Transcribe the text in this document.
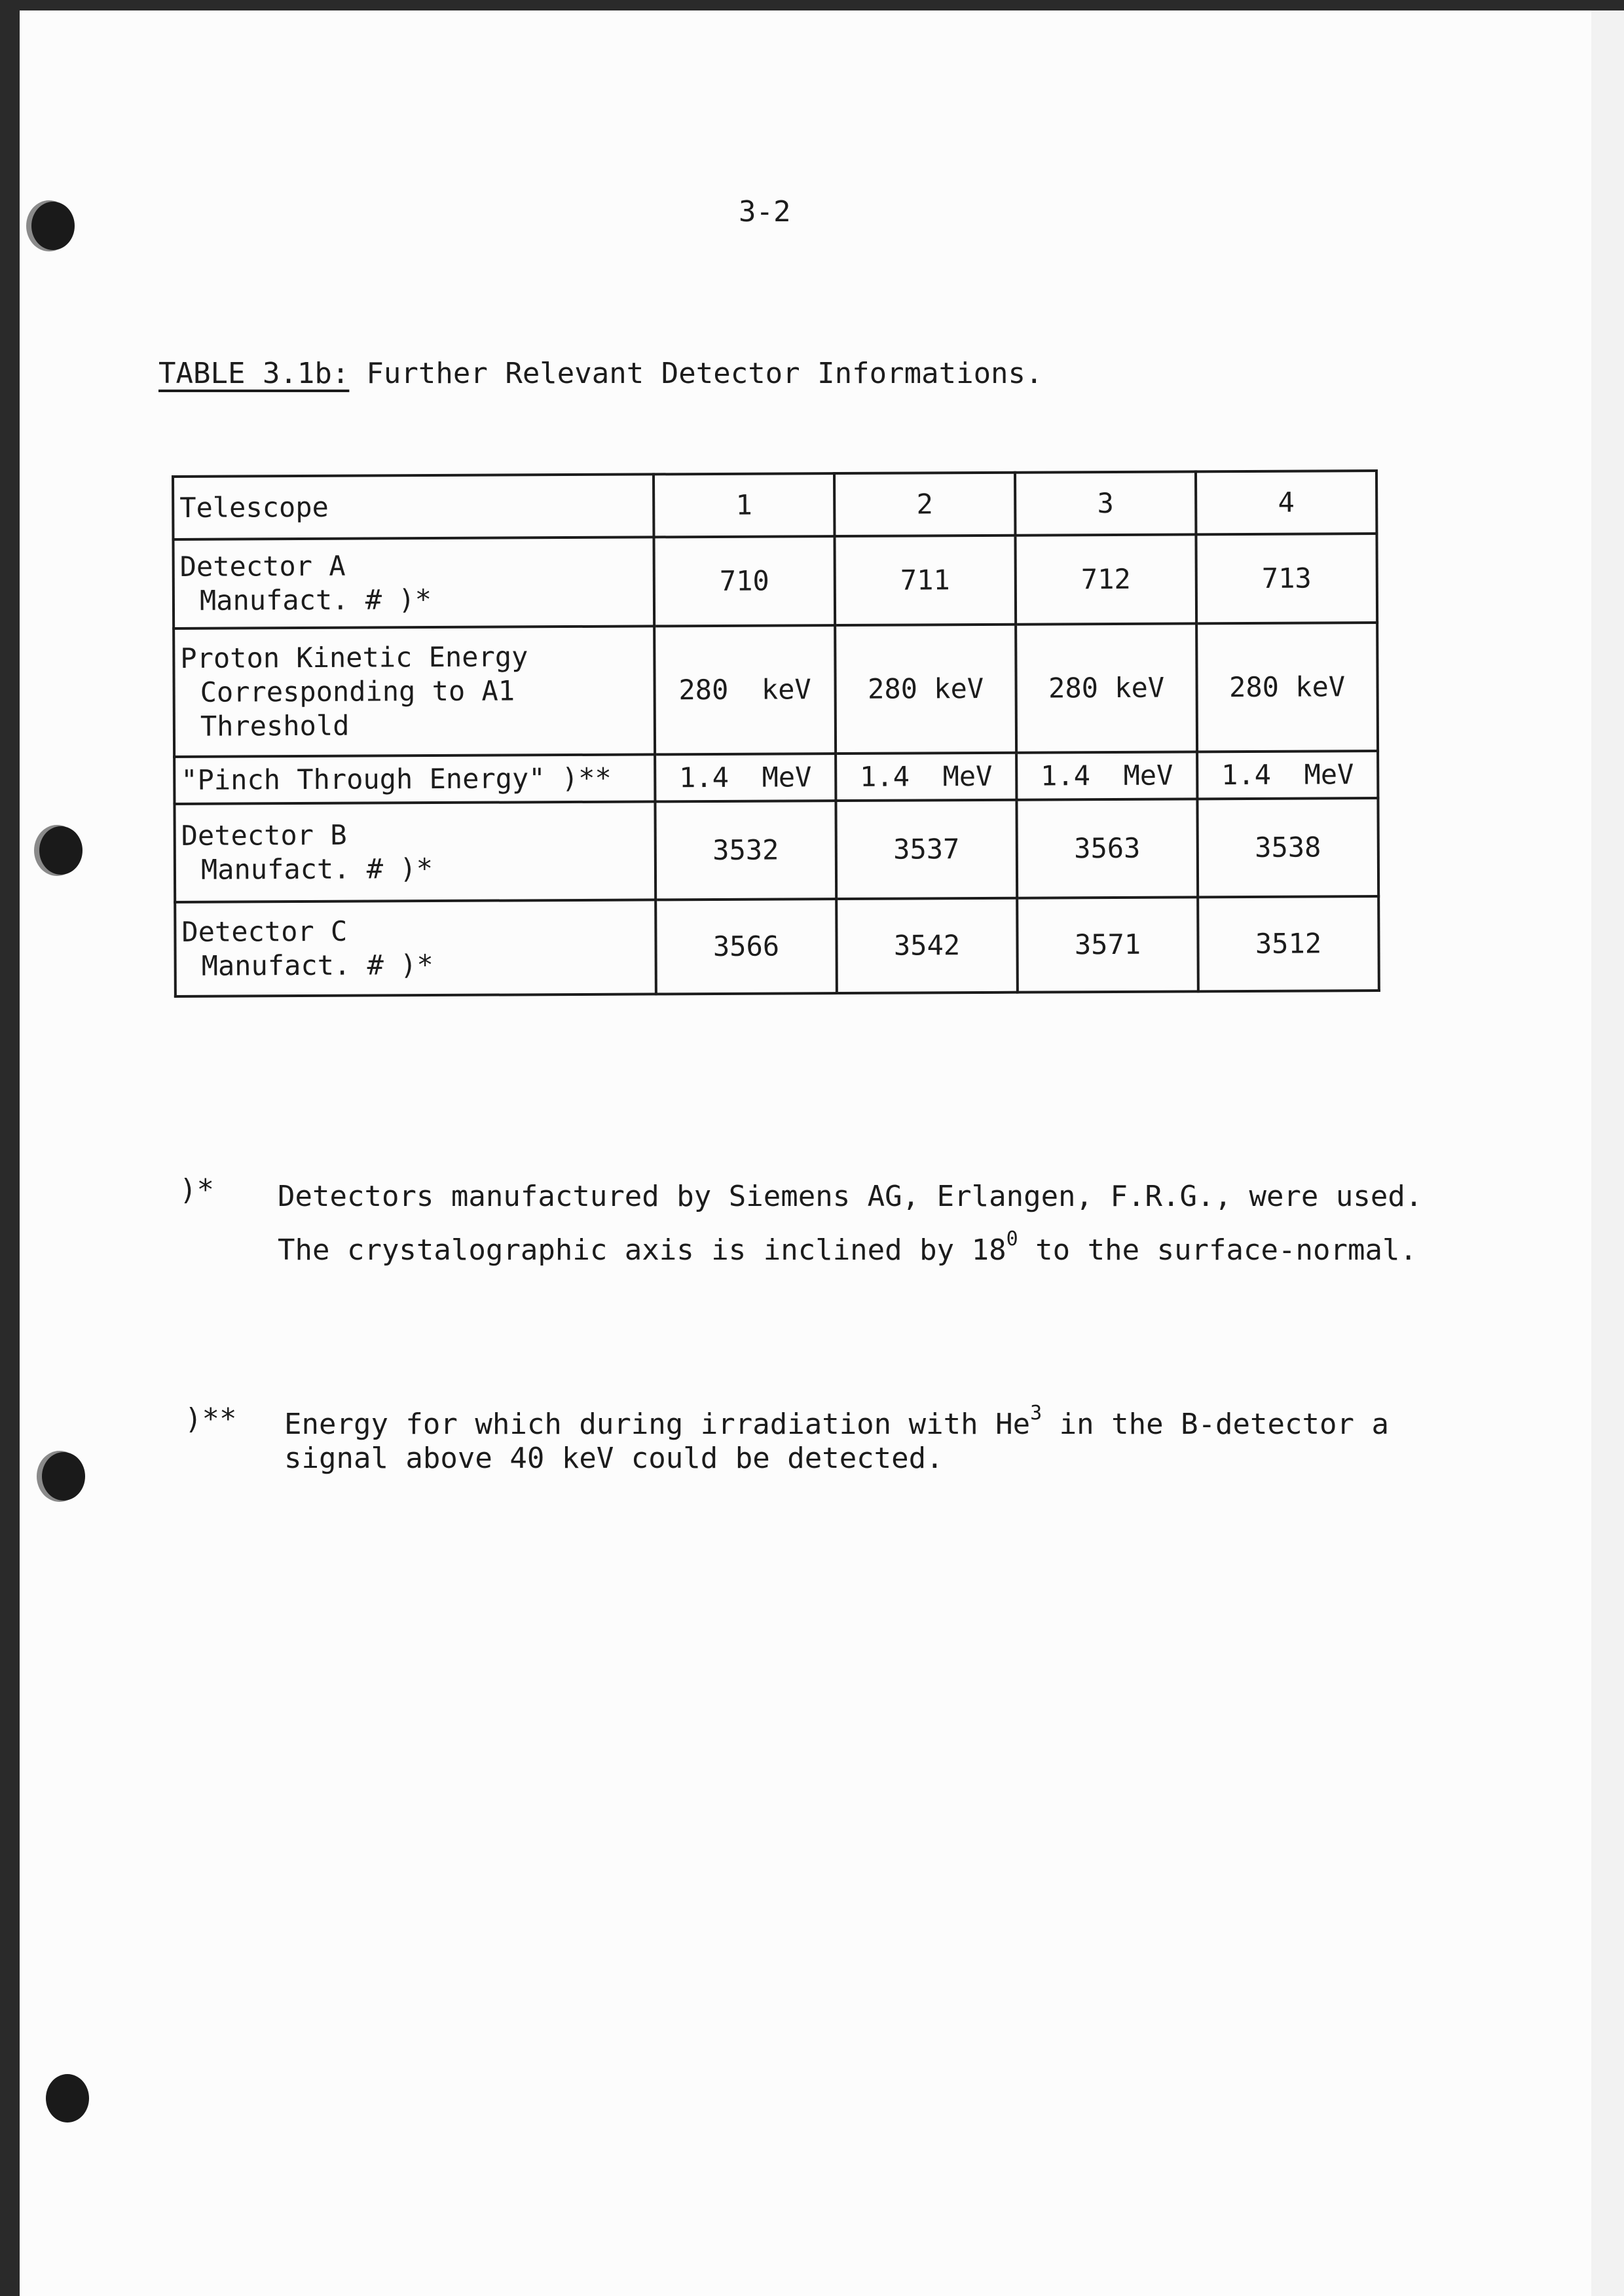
3-2
TABLE 3.1b: Further Relevant Detector Informations.
Telescope	1	2	3	4
Detector A
Manufact. # )*	710	711	712	713
Proton Kinetic Energy
Corresponding to A1
Threshold	280  keV	280 keV	280 keV	280 keV
"Pinch Through Energy" )**	1.4  MeV	1.4  MeV	1.4  MeV	1.4  MeV
Detector B
Manufact. # )*	3532	3537	3563	3538
Detector C
Manufact. # )*	3566	3542	3571	3512
)* Detectors manufactured by Siemens AG, Erlangen, F.R.G., were used.
The crystalographic axis is inclined by $18^0$ to the surface-normal.
)** Energy for which during irradiation with He$^3$ in the B-detector a
signal above 40 keV could be detected.
